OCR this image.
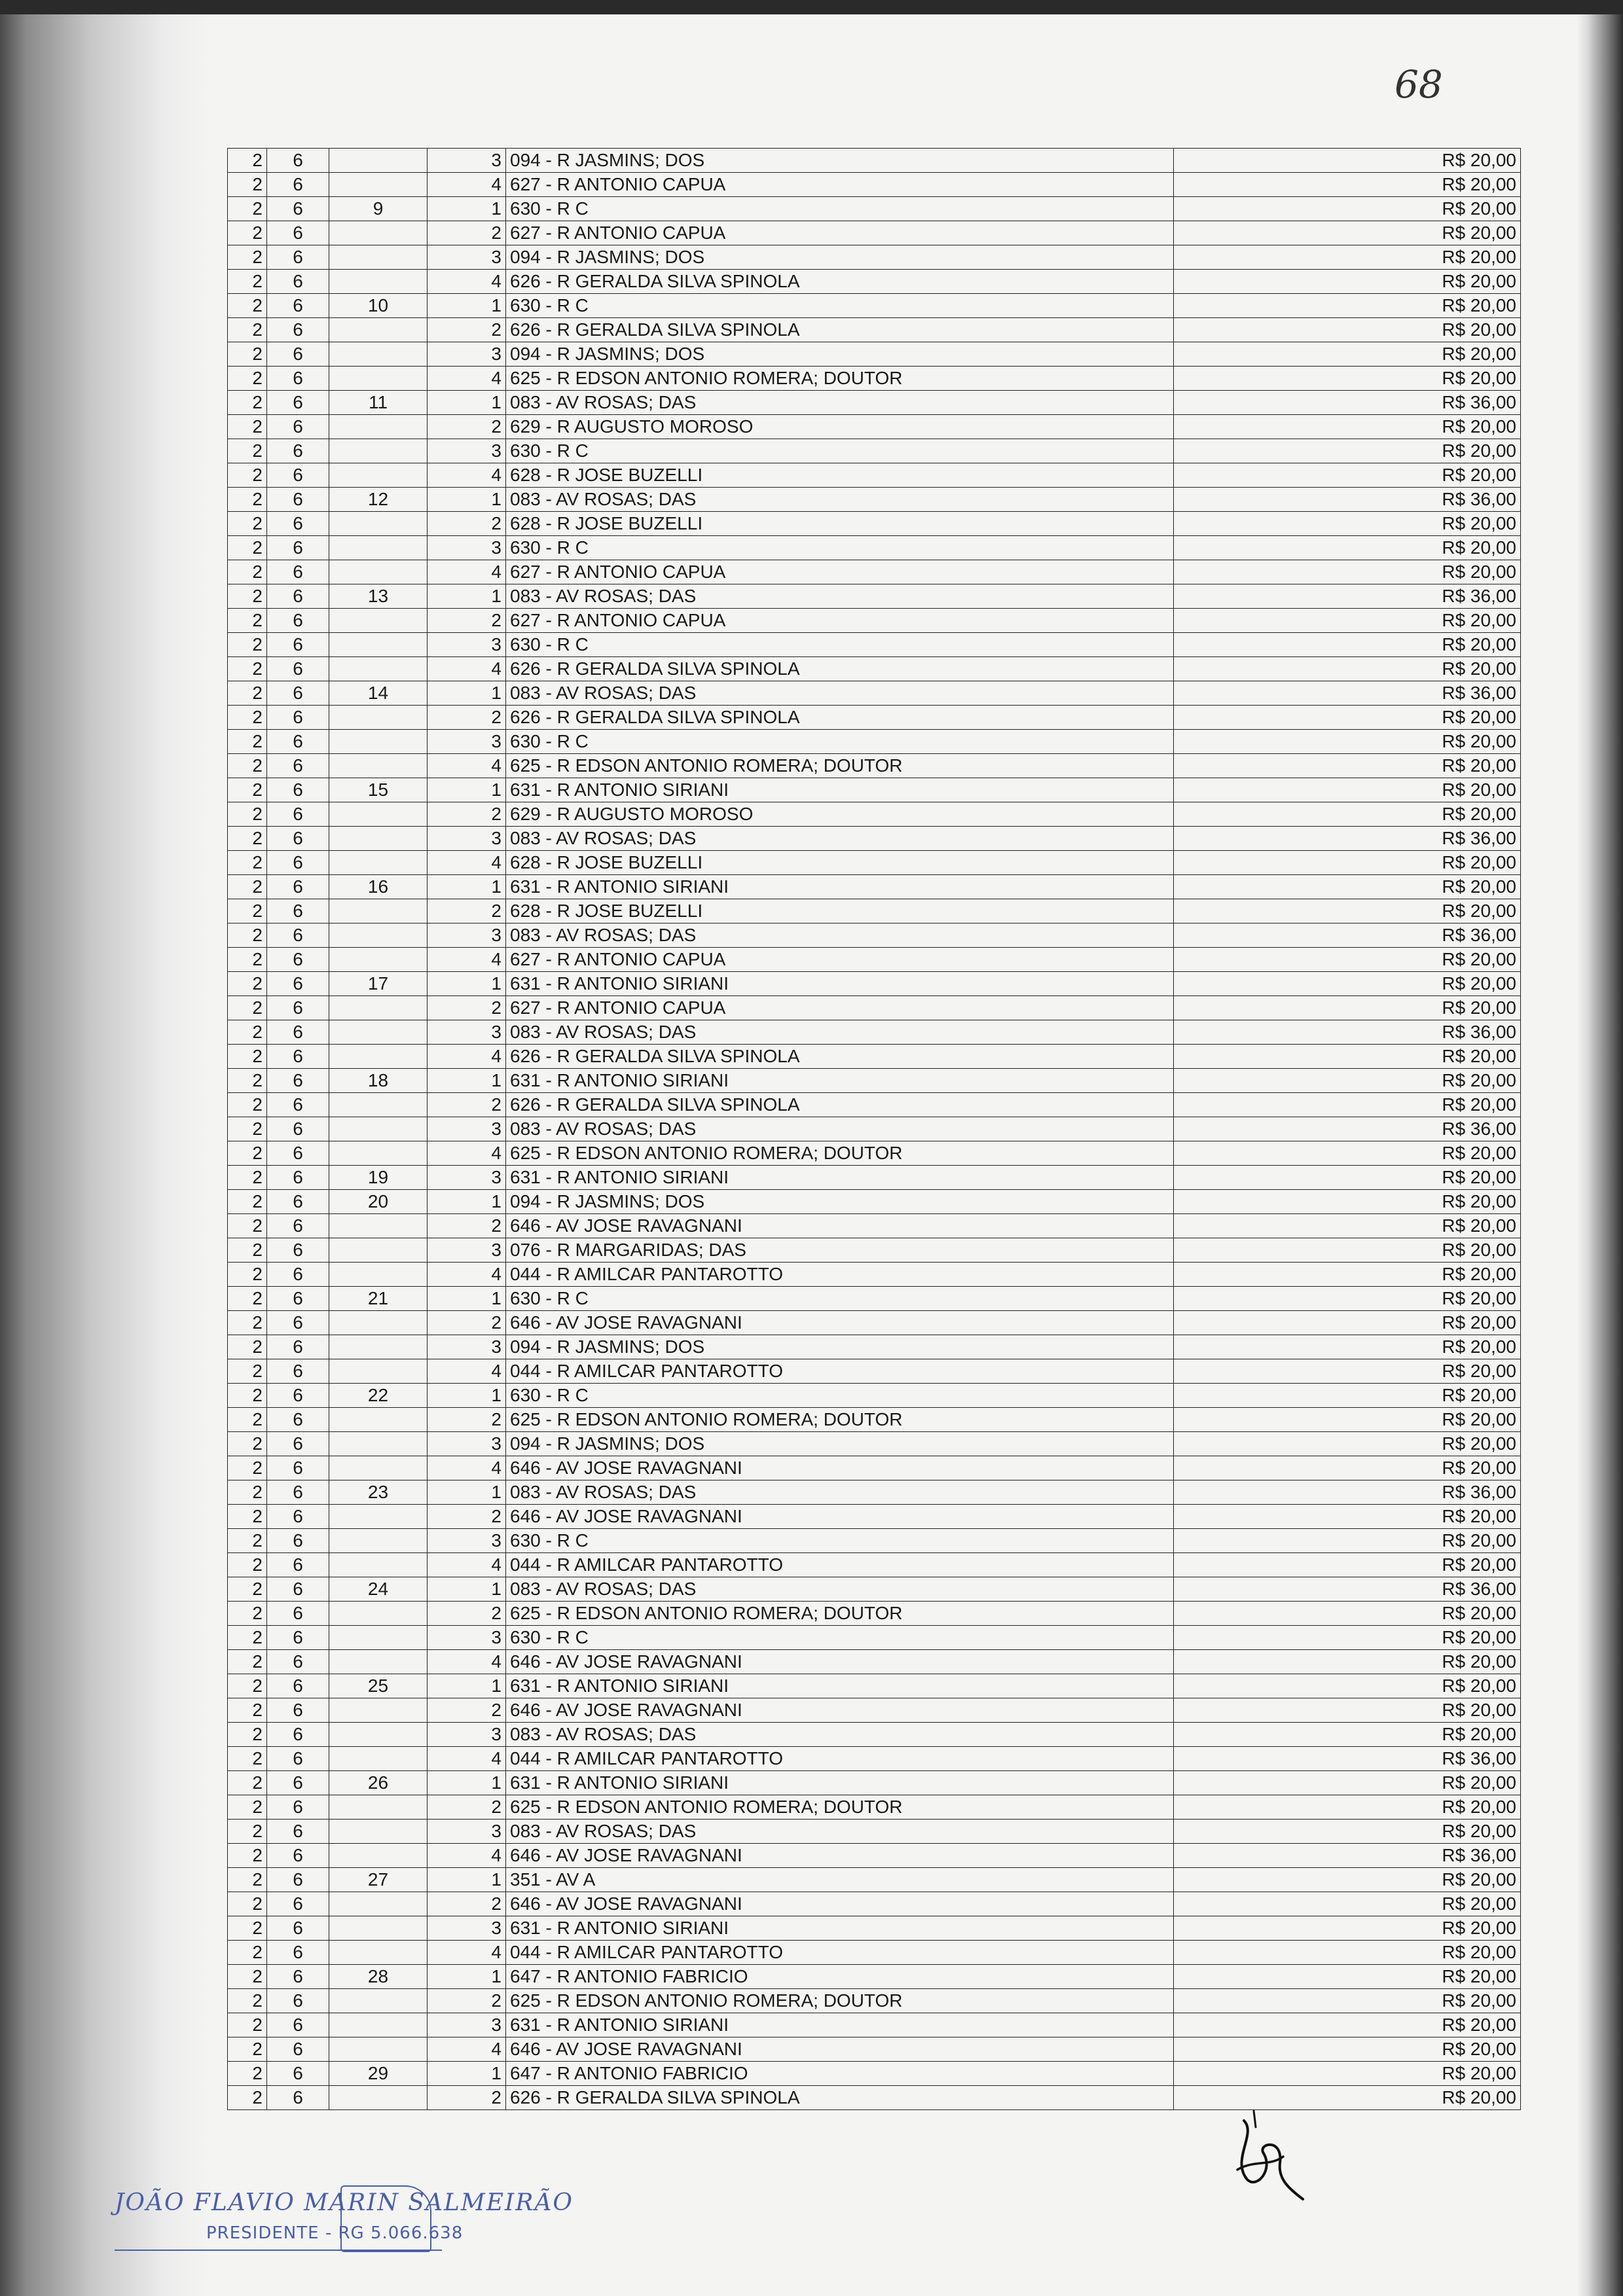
68
2	6		3	094 - R JASMINS; DOS		R$ 20,00
2	6		4	627 - R ANTONIO CAPUA		R$ 20,00
2	6	9	1	630 - R C		R$ 20,00
2	6		2	627 - R ANTONIO CAPUA		R$ 20,00
2	6		3	094 - R JASMINS; DOS		R$ 20,00
2	6		4	626 - R GERALDA SILVA SPINOLA		R$ 20,00
2	6	10	1	630 - R C		R$ 20,00
2	6		2	626 - R GERALDA SILVA SPINOLA		R$ 20,00
2	6		3	094 - R JASMINS; DOS		R$ 20,00
2	6		4	625 - R EDSON ANTONIO ROMERA; DOUTOR		R$ 20,00
2	6	11	1	083 - AV ROSAS; DAS		R$ 36,00
2	6		2	629 - R AUGUSTO MOROSO		R$ 20,00
2	6		3	630 - R C		R$ 20,00
2	6		4	628 - R JOSE BUZELLI		R$ 20,00
2	6	12	1	083 - AV ROSAS; DAS		R$ 36,00
2	6		2	628 - R JOSE BUZELLI		R$ 20,00
2	6		3	630 - R C		R$ 20,00
2	6		4	627 - R ANTONIO CAPUA		R$ 20,00
2	6	13	1	083 - AV ROSAS; DAS		R$ 36,00
2	6		2	627 - R ANTONIO CAPUA		R$ 20,00
2	6		3	630 - R C		R$ 20,00
2	6		4	626 - R GERALDA SILVA SPINOLA		R$ 20,00
2	6	14	1	083 - AV ROSAS; DAS		R$ 36,00
2	6		2	626 - R GERALDA SILVA SPINOLA		R$ 20,00
2	6		3	630 - R C		R$ 20,00
2	6		4	625 - R EDSON ANTONIO ROMERA; DOUTOR		R$ 20,00
2	6	15	1	631 - R ANTONIO SIRIANI		R$ 20,00
2	6		2	629 - R AUGUSTO MOROSO		R$ 20,00
2	6		3	083 - AV ROSAS; DAS		R$ 36,00
2	6		4	628 - R JOSE BUZELLI		R$ 20,00
2	6	16	1	631 - R ANTONIO SIRIANI		R$ 20,00
2	6		2	628 - R JOSE BUZELLI		R$ 20,00
2	6		3	083 - AV ROSAS; DAS		R$ 36,00
2	6		4	627 - R ANTONIO CAPUA		R$ 20,00
2	6	17	1	631 - R ANTONIO SIRIANI		R$ 20,00
2	6		2	627 - R ANTONIO CAPUA		R$ 20,00
2	6		3	083 - AV ROSAS; DAS		R$ 36,00
2	6		4	626 - R GERALDA SILVA SPINOLA		R$ 20,00
2	6	18	1	631 - R ANTONIO SIRIANI		R$ 20,00
2	6		2	626 - R GERALDA SILVA SPINOLA		R$ 20,00
2	6		3	083 - AV ROSAS; DAS		R$ 36,00
2	6		4	625 - R EDSON ANTONIO ROMERA; DOUTOR		R$ 20,00
2	6	19	3	631 - R ANTONIO SIRIANI		R$ 20,00
2	6	20	1	094 - R JASMINS; DOS		R$ 20,00
2	6		2	646 - AV JOSE RAVAGNANI		R$ 20,00
2	6		3	076 - R MARGARIDAS; DAS		R$ 20,00
2	6		4	044 - R AMILCAR PANTAROTTO		R$ 20,00
2	6	21	1	630 - R C		R$ 20,00
2	6		2	646 - AV JOSE RAVAGNANI		R$ 20,00
2	6		3	094 - R JASMINS; DOS		R$ 20,00
2	6		4	044 - R AMILCAR PANTAROTTO		R$ 20,00
2	6	22	1	630 - R C		R$ 20,00
2	6		2	625 - R EDSON ANTONIO ROMERA; DOUTOR		R$ 20,00
2	6		3	094 - R JASMINS; DOS		R$ 20,00
2	6		4	646 - AV JOSE RAVAGNANI		R$ 20,00
2	6	23	1	083 - AV ROSAS; DAS		R$ 36,00
2	6		2	646 - AV JOSE RAVAGNANI		R$ 20,00
2	6		3	630 - R C		R$ 20,00
2	6		4	044 - R AMILCAR PANTAROTTO		R$ 20,00
2	6	24	1	083 - AV ROSAS; DAS		R$ 36,00
2	6		2	625 - R EDSON ANTONIO ROMERA; DOUTOR		R$ 20,00
2	6		3	630 - R C		R$ 20,00
2	6		4	646 - AV JOSE RAVAGNANI		R$ 20,00
2	6	25	1	631 - R ANTONIO SIRIANI		R$ 20,00
2	6		2	646 - AV JOSE RAVAGNANI		R$ 20,00
2	6		3	083 - AV ROSAS; DAS		R$ 20,00
2	6		4	044 - R AMILCAR PANTAROTTO		R$ 36,00
2	6	26	1	631 - R ANTONIO SIRIANI		R$ 20,00
2	6		2	625 - R EDSON ANTONIO ROMERA; DOUTOR		R$ 20,00
2	6		3	083 - AV ROSAS; DAS		R$ 20,00
2	6		4	646 - AV JOSE RAVAGNANI		R$ 36,00
2	6	27	1	351 - AV A		R$ 20,00
2	6		2	646 - AV JOSE RAVAGNANI		R$ 20,00
2	6		3	631 - R ANTONIO SIRIANI		R$ 20,00
2	6		4	044 - R AMILCAR PANTAROTTO		R$ 20,00
2	6	28	1	647 - R ANTONIO FABRICIO		R$ 20,00
2	6		2	625 - R EDSON ANTONIO ROMERA; DOUTOR		R$ 20,00
2	6		3	631 - R ANTONIO SIRIANI		R$ 20,00
2	6		4	646 - AV JOSE RAVAGNANI		R$ 20,00
2	6	29	1	647 - R ANTONIO FABRICIO		R$ 20,00
2	6		2	626 - R GERALDA SILVA SPINOLA		R$ 20,00
JOÃO FLAVIO MARIN SALMEIRÃO
PRESIDENTE - RG 5.066.638
